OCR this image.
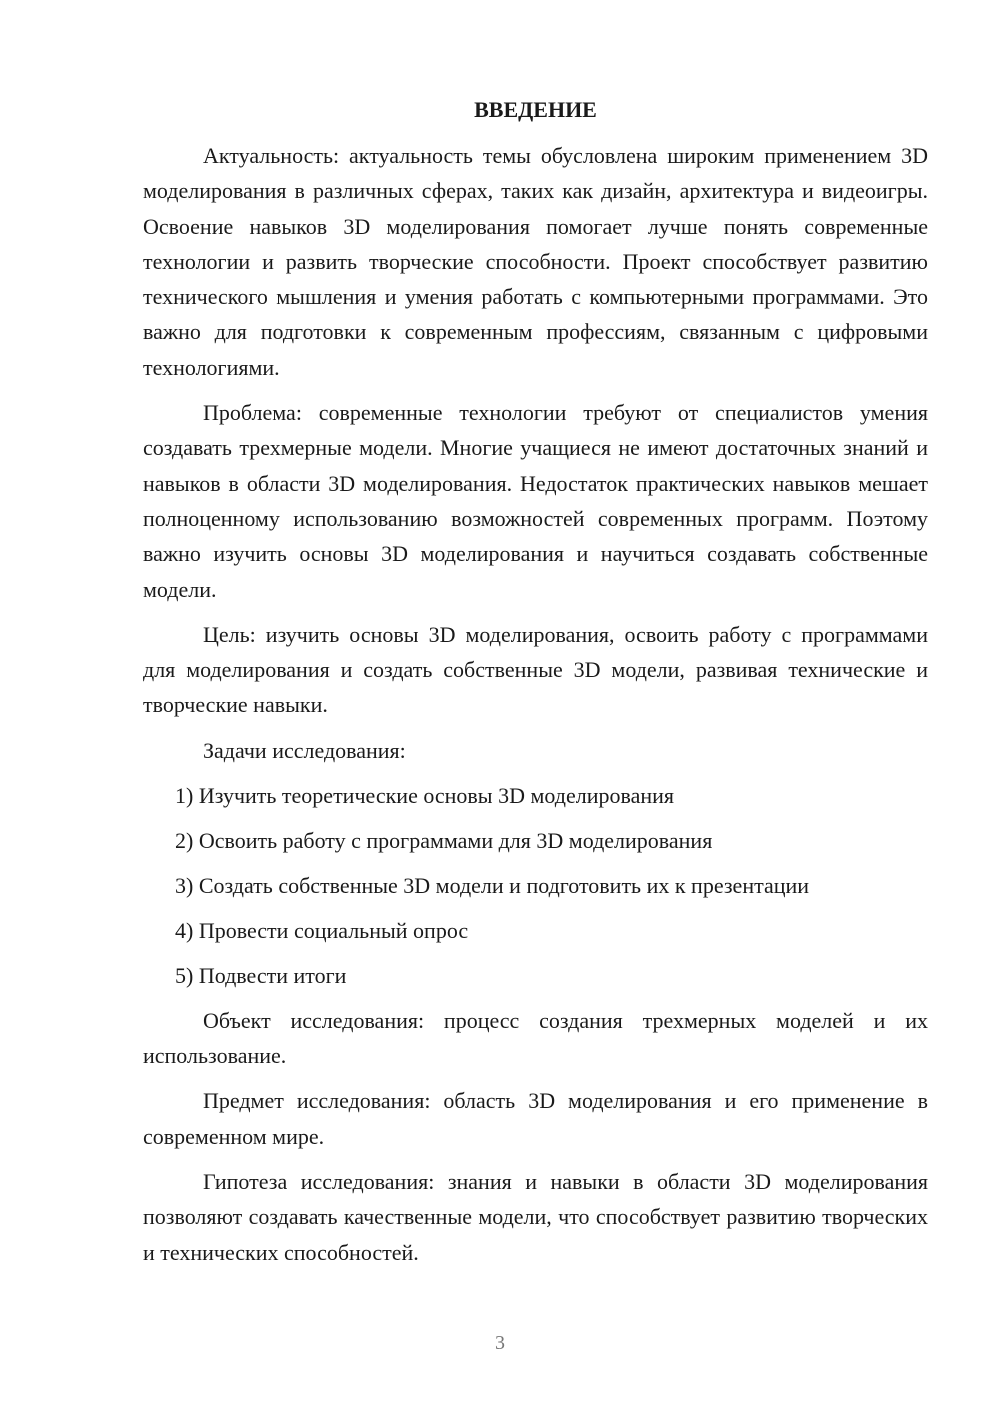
ВВЕДЕНИЕ

Актуальность: актуальность темы обусловлена широким применением 3D моделирования в различных сферах, таких как дизайн, архитектура и видеоигры. Освоение навыков 3D моделирования помогает лучше понять современные технологии и развить творческие способности. Проект способствует развитию технического мышления и умения работать с компьютерными программами. Это важно для подготовки к современным профессиям, связанным с цифровыми технологиями.

Проблема: современные технологии требуют от специалистов умения создавать трехмерные модели. Многие учащиеся не имеют достаточных знаний и навыков в области 3D моделирования. Недостаток практических навыков мешает полноценному использованию возможностей современных программ. Поэтому важно изучить основы 3D моделирования и научиться создавать собственные модели.

Цель: изучить основы 3D моделирования, освоить работу с программами для моделирования и создать собственные 3D модели, развивая технические и творческие навыки.

Задачи исследования:

1) Изучить теоретические основы 3D моделирования
2) Освоить работу с программами для 3D моделирования
3) Создать собственные 3D модели и подготовить их к презентации
4) Провести социальный опрос
5) Подвести итоги

Объект исследования: процесс создания трехмерных моделей и их использование.

Предмет исследования: область 3D моделирования и его применение в современном мире.

Гипотеза исследования: знания и навыки в области 3D моделирования позволяют создавать качественные модели, что способствует развитию творческих и технических способностей.

3
